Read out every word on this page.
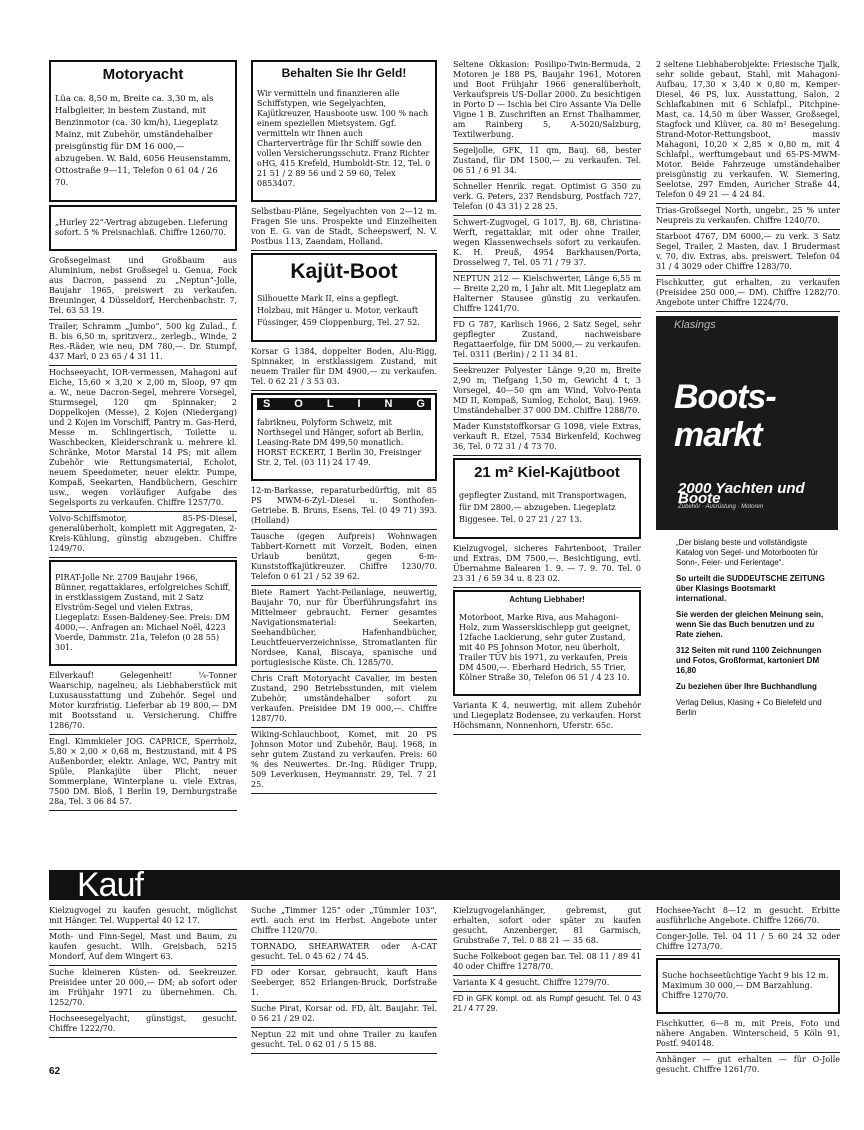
Motoryacht

Lüa ca. 8,50 m, Breite ca. 3,30 m, als Halbgleiter, in bestem Zustand, mit Benzinmotor (ca. 30 km/h), Liegeplatz Mainz, mit Zubehör, umständehalber preisgünstig für DM 16 000,— abzugeben. W. Bald, 6056 Heusenstamm, Ottostraße 9—11, Telefon 0 61 04 / 26 70.

„Hurley 22“-Vertrag abzugeben. Lieferung sofort. 5 % Preisnachlaß. Chiffre 1260/70.

Großsegelmast und Großbaum aus Aluminium, nebst Großsegel u. Genua, Fock aus Dacron, passend zu „Neptun“-Jolle, Baujahr 1965, preiswert zu verkaufen. Breuninger, 4 Düsseldorf, Herchenbachstr. 7, Tel. 63 53 19.

Trailer, Schramm „Jumbo“, 500 kg Zulad., f. B. bis 6,50 m, spritzverz., zerlegb., Winde, 2 Res.-Räder, wie neu, DM 780,—. Dr. Stumpf, 437 Marl, 0 23 65 / 4 31 11.

Hochseeyacht, IOR-vermessen, Mahagoni auf Eiche, 15,60 × 3,20 × 2,00 m, Sloop, 97 qm a. W., neue Dacron-Segel, mehrere Vorsegel, Sturmsegel, 120 qm Spinnaker; 2 Doppelkojen (Messe), 2 Kojen (Niedergang) und 2 Kojen im Vorschiff, Pantry m. Gas-Herd, Messe m. Schlingertisch, Toilette u. Waschbecken, Kleiderschrank u. mehrere kl. Schränke, Motor Marstal 14 PS; mit allem Zubehör wie Rettungsmaterial, Echolot, neuem Speedometer, neuer elektr. Pumpe, Kompaß, Seekarten, Handbüchern, Geschirr usw., wegen vorläufiger Aufgabe des Segelsports zu verkaufen. Chiffre 1257/70.

Volvo-Schiffsmotor, 85-PS-Diesel, generalüberholt, komplett mit Aggregaten, 2-Kreis-Kühlung, günstig abzugeben. Chiffre 1249/70.

PIRAT-Jolle Nr. 2709 Baujahr 1966, Bünner, regattaklares, erfolgreiches Schiff, in erstklassigem Zustand, mit 2 Satz Elvström-Segel und vielen Extras, Liegeplatz: Essen-Baldeney-See. Preis: DM 4000,—. Anfragen an: Michael Noël, 4223 Voerde, Dammstr. 21a, Telefon (0 28 55) 301.

Eilverkauf! Gelegenheit! ¼-Tonner Waarschip, nagelneu, als Liebhaberstück mit Luxusausstattung und Zubehör. Segel und Motor kurzfristig. Lieferbar ab 19 800,— DM mit Bootsstand u. Versicherung. Chiffre 1286/70.

Engl. Kimmkieler JOG. CAPRICE, Sperrholz, 5,80 × 2,00 × 0,68 m, Bestzustand, mit 4 PS Außenborder, elektr. Anlage, WC, Pantry mit Spüle, Plankajüte über Plicht, neuer Sommerplane, Winterplane u. viele Extras, 7500 DM. Bloß, 1 Berlin 19, Dernburgstraße 28a, Tel. 3 06 84 57.

Behalten Sie Ihr Geld!

Wir vermitteln und finanzieren alle Schiffstypen, wie Segelyachten, Kajütkreuzer, Hausboote usw. 100 % nach einem speziellen Mietsystem. Ggf. vermitteln wir Ihnen auch Charterverträge für Ihr Schiff sowie den vollen Versicherungsschutz. Franz Richter oHG, 415 Krefeld, Humboldt-Str. 12, Tel. 0 21 51 / 2 89 56 und 2 59 60, Telex 0853407.

Selbstbau-Pläne, Segelyachten von 2—12 m. Fragen Sie uns. Prospekte und Einzelheiten von E. G. van de Stadt, Scheepswerf, N. V. Postbus 113, Zaandam, Holland.

Kajüt-Boot

Silhouette Mark II, eins a gepflegt. Holzbau, mit Hänger u. Motor, verkauft Füssinger, 459 Cloppenburg, Tel. 27 52.

Korsar G 1384, doppelter Boden, Alu-Rigg, Spinnaker, in erstklassigem Zustand, mit neuem Trailer für DM 4900,— zu verkaufen. Tel. 0 62 21 / 3 53 03.

S O L I N G

fabrikneu, Polyform Schweiz, mit Northsegel und Hänger, sofort ab Berlin, Leasing-Rate DM 499,50 monatlich. HORST ECKERT, 1 Berlin 30, Freisinger Str. 2, Tel. (03 11) 24 17 49.

12-m-Barkasse, reparaturbedürftig, mit 85 PS MWM-6-Zyl.-Diesel u. Sonthofen-Getriebe. B. Bruns, Esens, Tel. (0 49 71) 393. (Holland)

Tausche (gegen Aufpreis) Wohnwagen Tabbert-Kornett mit Vorzelt, Boden, einen Urlaub benützt, gegen 6-m-Kunststoffkajütkreuzer. Chiffre 1230/70. Telefon 0 61 21 / 52 39 62.

Biete Ramert Yacht-Peilanlage, neuwertig, Baujahr 70, nur für Überführungsfahrt ins Mittelmeer gebraucht. Ferner gesamtes Navigationsmaterial: Seekarten, Seehandbücher, Hafenhandbücher, Leuchtfeuerverzeichnisse, Stromatlanten für Nordsee, Kanal, Biscaya, spanische und portugiesische Küste. Ch. 1285/70.

Chris Craft Motoryacht Cavalier, im besten Zustand, 290 Betriebsstunden, mit vielem Zubehör, umständehalber sofort zu verkaufen. Preisidee DM 19 000,—. Chiffre 1287/70.

Wiking-Schlauchboot, Komet, mit 20 PS Johnson Motor und Zubehör, Bauj. 1968, in sehr gutem Zustand zu verkaufen. Preis: 60 % des Neuwertes. Dr.-Ing. Rüdiger Trupp, 509 Leverkusen, Heymannstr. 29, Tel. 7 21 25.

Seltene Okkasion: Posilipo-Twin-Bermuda, 2 Motoren je 188 PS, Baujahr 1961, Motoren und Boot Frühjahr 1966 generalüberholt, Verkaufspreis US-Dollar 2000. Zu besichtigen in Porto D — Ischia bei Ciro Assante Via Delle Vigne 1 B. Zuschriften an Ernst Thalhammer, am Rainberg 5, A-5020/Salzburg, Textilwerbung.

Segeljolle, GFK, 11 qm, Bauj. 68, bester Zustand, für DM 1500,— zu verkaufen. Tel. 06 51 / 6 91 34.

Schneller Henrik. regat. Optimist G 350 zu verk. G. Peters, 237 Rendsburg, Postfach 727, Telefon (0 43 31) 2 28 25.

Schwert-Zugvogel, G 1017, Bj. 68, Christina-Werft, regattaklar, mit oder ohne Trailer, wegen Klassenwechsels sofort zu verkaufen. K. H. Preuß, 4954 Barkhausen/Porta, Drosselweg 7, Tel. 05 71 / 79 37.

NEPTUN 212 — Kielschwerter, Länge 6,55 m — Breite 2,20 m, 1 Jahr alt. Mit Liegeplatz am Halterner Stausee günstig zu verkaufen. Chiffre 1241/70.

FD G 787, Karlisch 1966, 2 Satz Segel, sehr gepflegter Zustand, nachweisbare Regattaerfolge, für DM 5000,— zu verkaufen. Tel. 0311 (Berlin) / 2 11 34 81.

Seekreuzer Polyester Länge 9,20 m, Breite 2,90 m, Tiefgang 1,50 m, Gewicht 4 t, 3 Vorsegel, 40—50 qm am Wind, Volvo-Penta MD II, Kompaß, Sumlog, Echolot, Bauj. 1969. Umständehalber 37 000 DM. Chiffre 1288/70.

Mader Kunststoffkorsar G 1098, viele Extras, verkauft R. Etzel, 7534 Birkenfeld, Kochweg 36, Tel. 0 72 31 / 4 73 70.

21 m² Kiel-Kajütboot

gepflegter Zustand, mit Transportwagen, für DM 2800,— abzugeben. Liegeplatz Biggesee. Tel. 0 27 21 / 27 13.

Kielzugvogel, sicheres Fahrtenboot, Trailer und Extras, DM 7500,—. Besichtigung, evtl. Übernahme Balearen 1. 9. — 7. 9. 70. Tel. 0 23 31 / 6 59 34 u. 8 23 02.

Achtung Liebhaber!

Motorboot, Marke Riva, aus Mahagoni-Holz, zum Wasserskischlepp gut geeignet, 12fache Lackierung, sehr guter Zustand, mit 40 PS Johnson Motor, neu überholt, Trailer TÜV bis 1971, zu verkaufen, Preis DM 4500,—. Eberhard Hedrich, 55 Trier, Kölner Straße 30, Telefon 06 51 / 4 23 10.

Varianta K 4, neuwertig, mit allem Zubehör und Liegeplatz Bodensee, zu verkaufen. Horst Höchsmann, Nonnenhorn, Uferstr. 65c.

2 seltene Liebhaberobjekte: Friesische Tjalk, sehr solide gebaut, Stahl, mit Mahagoni-Aufbau, 17,30 × 3,40 × 0,80 m, Kemper-Diesel, 46 PS, lux. Ausstattung, Salon, 2 Schlafkabinen mit 6 Schlafpl., Pitchpine-Mast, ca. 14,50 m über Wasser, Großsegel, Stagfock und Klüver, ca. 80 m² Besegelung. Strand-Motor-Rettungsboot, massiv Mahagoni, 10,20 × 2,85 × 0,80 m, mit 4 Schlafpl., werftumgebaut und 65-PS-MWM-Motor. Beide Fahrzeuge umständehalber preisgünstig zu verkaufen. W. Siemering, Seelotse, 297 Emden, Auricher Straße 44, Telefon 0 49 21 — 4 24 84.

Trias-Großsegel North, ungebr., 25 % unter Neupreis zu verkaufen. Chiffre 1240/70.

Starboot 4767, DM 6000,— zu verk. 3 Satz Segel, Trailer, 2 Masten, dav. 1 Brudermast v. 70, div. Extras, abs. preiswert. Telefon 04 31 / 4 3029 oder Chiffre 1283/70.

Fischkutter, gut erhalten, zu verkaufen (Preisidee 250 000,— DM). Chiffre 1282/70. Angebote unter Chiffre 1224/70.

Klasings
Boots-markt
2000 Yachten und Boote
Zubehör · Ausrüstung · Motoren

„Der bislang beste und vollständigste Katalog von Segel- und Motorbooten für Sonn-, Feier- und Ferientage“.

So urteilt die SUDDEUTSCHE ZEITUNG über Klasings Bootsmarkt international.

Sie werden der gleichen Meinung sein, wenn Sie das Buch benutzen und zu Rate ziehen.

312 Seiten mit rund 1100 Zeichnungen und Fotos, Großformat, kartoniert DM 16,80

Zu beziehen über Ihre Buchhandlung

Verlag Delius, Klasing + Co Bielefeld und Berlin

Kauf

Kielzugvogel zu kaufen gesucht, möglichst mit Hänger. Tel. Wuppertal 40 12 17.

Moth- und Finn-Segel, Mast und Baum, zu kaufen gesucht. Wilh. Greisbach, 5215 Mondorf, Auf dem Wingert 63.

Suche kleineren Küsten- od. Seekreuzer. Preisidee unter 20 000,— DM; ab sofort oder im Frühjahr 1971 zu übernehmen. Ch. 1252/70.

Hochseesegelyacht, günstigst, gesucht. Chiffre 1222/70.

Suche „Timmer 125“ oder „Tümmler 103“, evtl. auch erst im Herbst. Angebote unter Chiffre 1120/70.

TORNADO, SHEARWATER oder A-CAT gesucht. Tel. 0 45 62 / 74 45.

FD oder Korsar, gebraucht, kauft Hans Seeberger, 852 Erlangen-Bruck, Dorfstraße 1.

Suche Pirat, Korsar od. FD, ält. Baujahr. Tel. 0 56 21 / 29 02.

Neptun 22 mit und ohne Trailer zu kaufen gesucht. Tel. 0 62 01 / 5 15 88.

Kielzugvogelanhänger, gebremst, gut erhalten, sofort oder später zu kaufen gesucht. Anzenberger, 81 Garmisch, Grubstraße 7, Tel. 0 88 21 — 35 68.

Suche Folkeboot gegen bar. Tel. 08 11 / 89 41 40 oder Chiffre 1278/70.

Varianta K 4 gesucht. Chiffre 1279/70.

FD in GFK kompl. od. als Rumpf gesucht. Tel. 0 43 21 / 4 77 29.

Hochsee-Yacht 8—12 m gesucht. Erbitte ausführliche Angebote. Chiffre 1266/70.

Conger-Jolle. Tel. 04 11 / 5 60 24 32 oder Chiffre 1273/70.

Suche hochseetüchtige Yacht 9 bis 12 m. Maximum 30 000,— DM Barzahlung. Chiffre 1270/70.

Fischkutter, 6—8 m, mit Preis, Foto und nähere Angaben. Winterscheid, 5 Köln 91, Postf. 940148.

Anhänger — gut erhalten — für O-Jolle gesucht. Chiffre 1261/70.

62
